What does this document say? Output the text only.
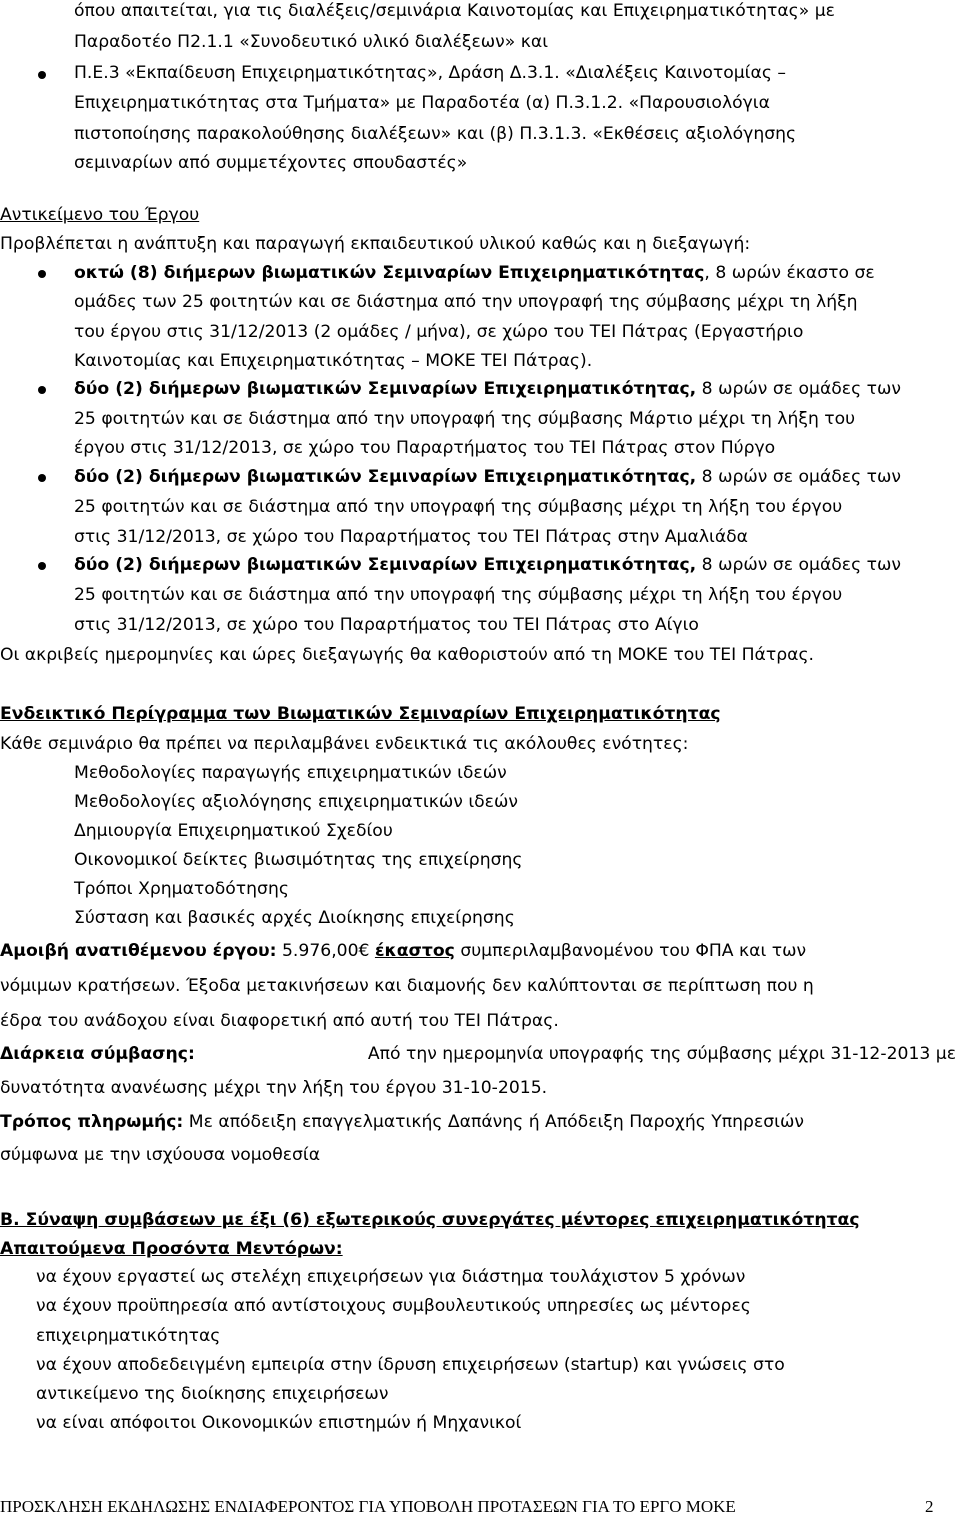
όπου απαιτείται, για τις διαλέξεις/σεμινάρια Καινοτομίας και Επιχειρηματικότητας» με
Παραδοτέο Π2.1.1 «Συνοδευτικό υλικό διαλέξεων» και
Π.Ε.3 «Εκπαίδευση Επιχειρηματικότητας», Δράση Δ.3.1. «Διαλέξεις Καινοτομίας –
Επιχειρηματικότητας στα Τμήματα» με Παραδοτέα (α) Π.3.1.2. «Παρουσιολόγια
πιστοποίησης παρακολούθησης διαλέξεων» και (β) Π.3.1.3. «Εκθέσεις αξιολόγησης
σεμιναρίων από συμμετέχοντες σπουδαστές»
Αντικείμενο του Έργου
Προβλέπεται η ανάπτυξη και παραγωγή εκπαιδευτικού υλικού καθώς και η διεξαγωγή:
οκτώ (8) διήμερων βιωματικών Σεμιναρίων Επιχειρηματικότητας, 8 ωρών έκαστο σε
ομάδες των 25 φοιτητών και σε διάστημα από την υπογραφή της σύμβασης μέχρι τη λήξη
του έργου στις 31/12/2013 (2 ομάδες / μήνα), σε χώρο του ΤΕΙ Πάτρας (Εργαστήριο
Καινοτομίας και Επιχειρηματικότητας – ΜΟΚΕ ΤΕΙ Πάτρας).
δύο (2) διήμερων βιωματικών Σεμιναρίων Επιχειρηματικότητας, 8 ωρών σε ομάδες των
25 φοιτητών και σε διάστημα από την υπογραφή της σύμβασης Μάρτιο μέχρι τη λήξη του
έργου στις 31/12/2013, σε χώρο του Παραρτήματος του ΤΕΙ Πάτρας στον Πύργο
δύο (2) διήμερων βιωματικών Σεμιναρίων Επιχειρηματικότητας, 8 ωρών σε ομάδες των
25 φοιτητών και σε διάστημα από την υπογραφή της σύμβασης μέχρι τη λήξη του έργου
στις 31/12/2013, σε χώρο του Παραρτήματος του ΤΕΙ Πάτρας στην Αμαλιάδα
δύο (2) διήμερων βιωματικών Σεμιναρίων Επιχειρηματικότητας, 8 ωρών σε ομάδες των
25 φοιτητών και σε διάστημα από την υπογραφή της σύμβασης μέχρι τη λήξη του έργου
στις 31/12/2013, σε χώρο του Παραρτήματος του ΤΕΙ Πάτρας στο Αίγιο
Οι ακριβείς ημερομηνίες και ώρες διεξαγωγής θα καθοριστούν από τη ΜΟΚΕ του ΤΕΙ Πάτρας.
Ενδεικτικό Περίγραμμα των Βιωματικών Σεμιναρίων Επιχειρηματικότητας
Κάθε σεμινάριο θα πρέπει να περιλαμβάνει ενδεικτικά τις ακόλουθες ενότητες:
Μεθοδολογίες παραγωγής επιχειρηματικών ιδεών
Μεθοδολογίες αξιολόγησης επιχειρηματικών ιδεών
Δημιουργία Επιχειρηματικού Σχεδίου
Οικονομικοί δείκτες βιωσιμότητας της επιχείρησης
Τρόποι Χρηματοδότησης
Σύσταση και βασικές αρχές Διοίκησης επιχείρησης
Αμοιβή ανατιθέμενου έργου: 5.976,00€ έκαστος συμπεριλαμβανομένου του ΦΠΑ και των
νόμιμων κρατήσεων. Έξοδα μετακινήσεων και διαμονής δεν καλύπτονται σε περίπτωση που η
έδρα του ανάδοχου είναι διαφορετική από αυτή του ΤΕΙ Πάτρας.
Διάρκεια σύμβασης:	Από την ημερομηνία υπογραφής της σύμβασης μέχρι 31-12-2013 με
δυνατότητα ανανέωσης μέχρι την λήξη του έργου 31-10-2015.
Τρόπος πληρωμής: Με απόδειξη επαγγελματικής Δαπάνης ή Απόδειξη Παροχής Υπηρεσιών
σύμφωνα με την ισχύουσα νομοθεσία
Β. Σύναψη συμβάσεων με έξι (6) εξωτερικούς συνεργάτες μέντορες επιχειρηματικότητας
Απαιτούμενα Προσόντα Μεντόρων:
να έχουν εργαστεί ως στελέχη επιχειρήσεων για διάστημα τουλάχιστον 5 χρόνων
να έχουν προϋπηρεσία από αντίστοιχους συμβουλευτικούς υπηρεσίες ως μέντορες
επιχειρηματικότητας
να έχουν αποδεδειγμένη εμπειρία στην ίδρυση επιχειρήσεων (startup) και γνώσεις στο
αντικείμενο της διοίκησης επιχειρήσεων
να είναι απόφοιτοι Οικονομικών επιστημών ή Μηχανικοί
ΠΡΟΣΚΛΗΣΗ ΕΚΔΗΛΩΣΗΣ ΕΝΔΙΑΦΕΡΟΝΤΟΣ ΓΙΑ ΥΠΟΒΟΛΗ ΠΡΟΤΑΣΕΩΝ ΓΙΑ ΤΟ ΕΡΓΟ ΜΟΚΕ	2
